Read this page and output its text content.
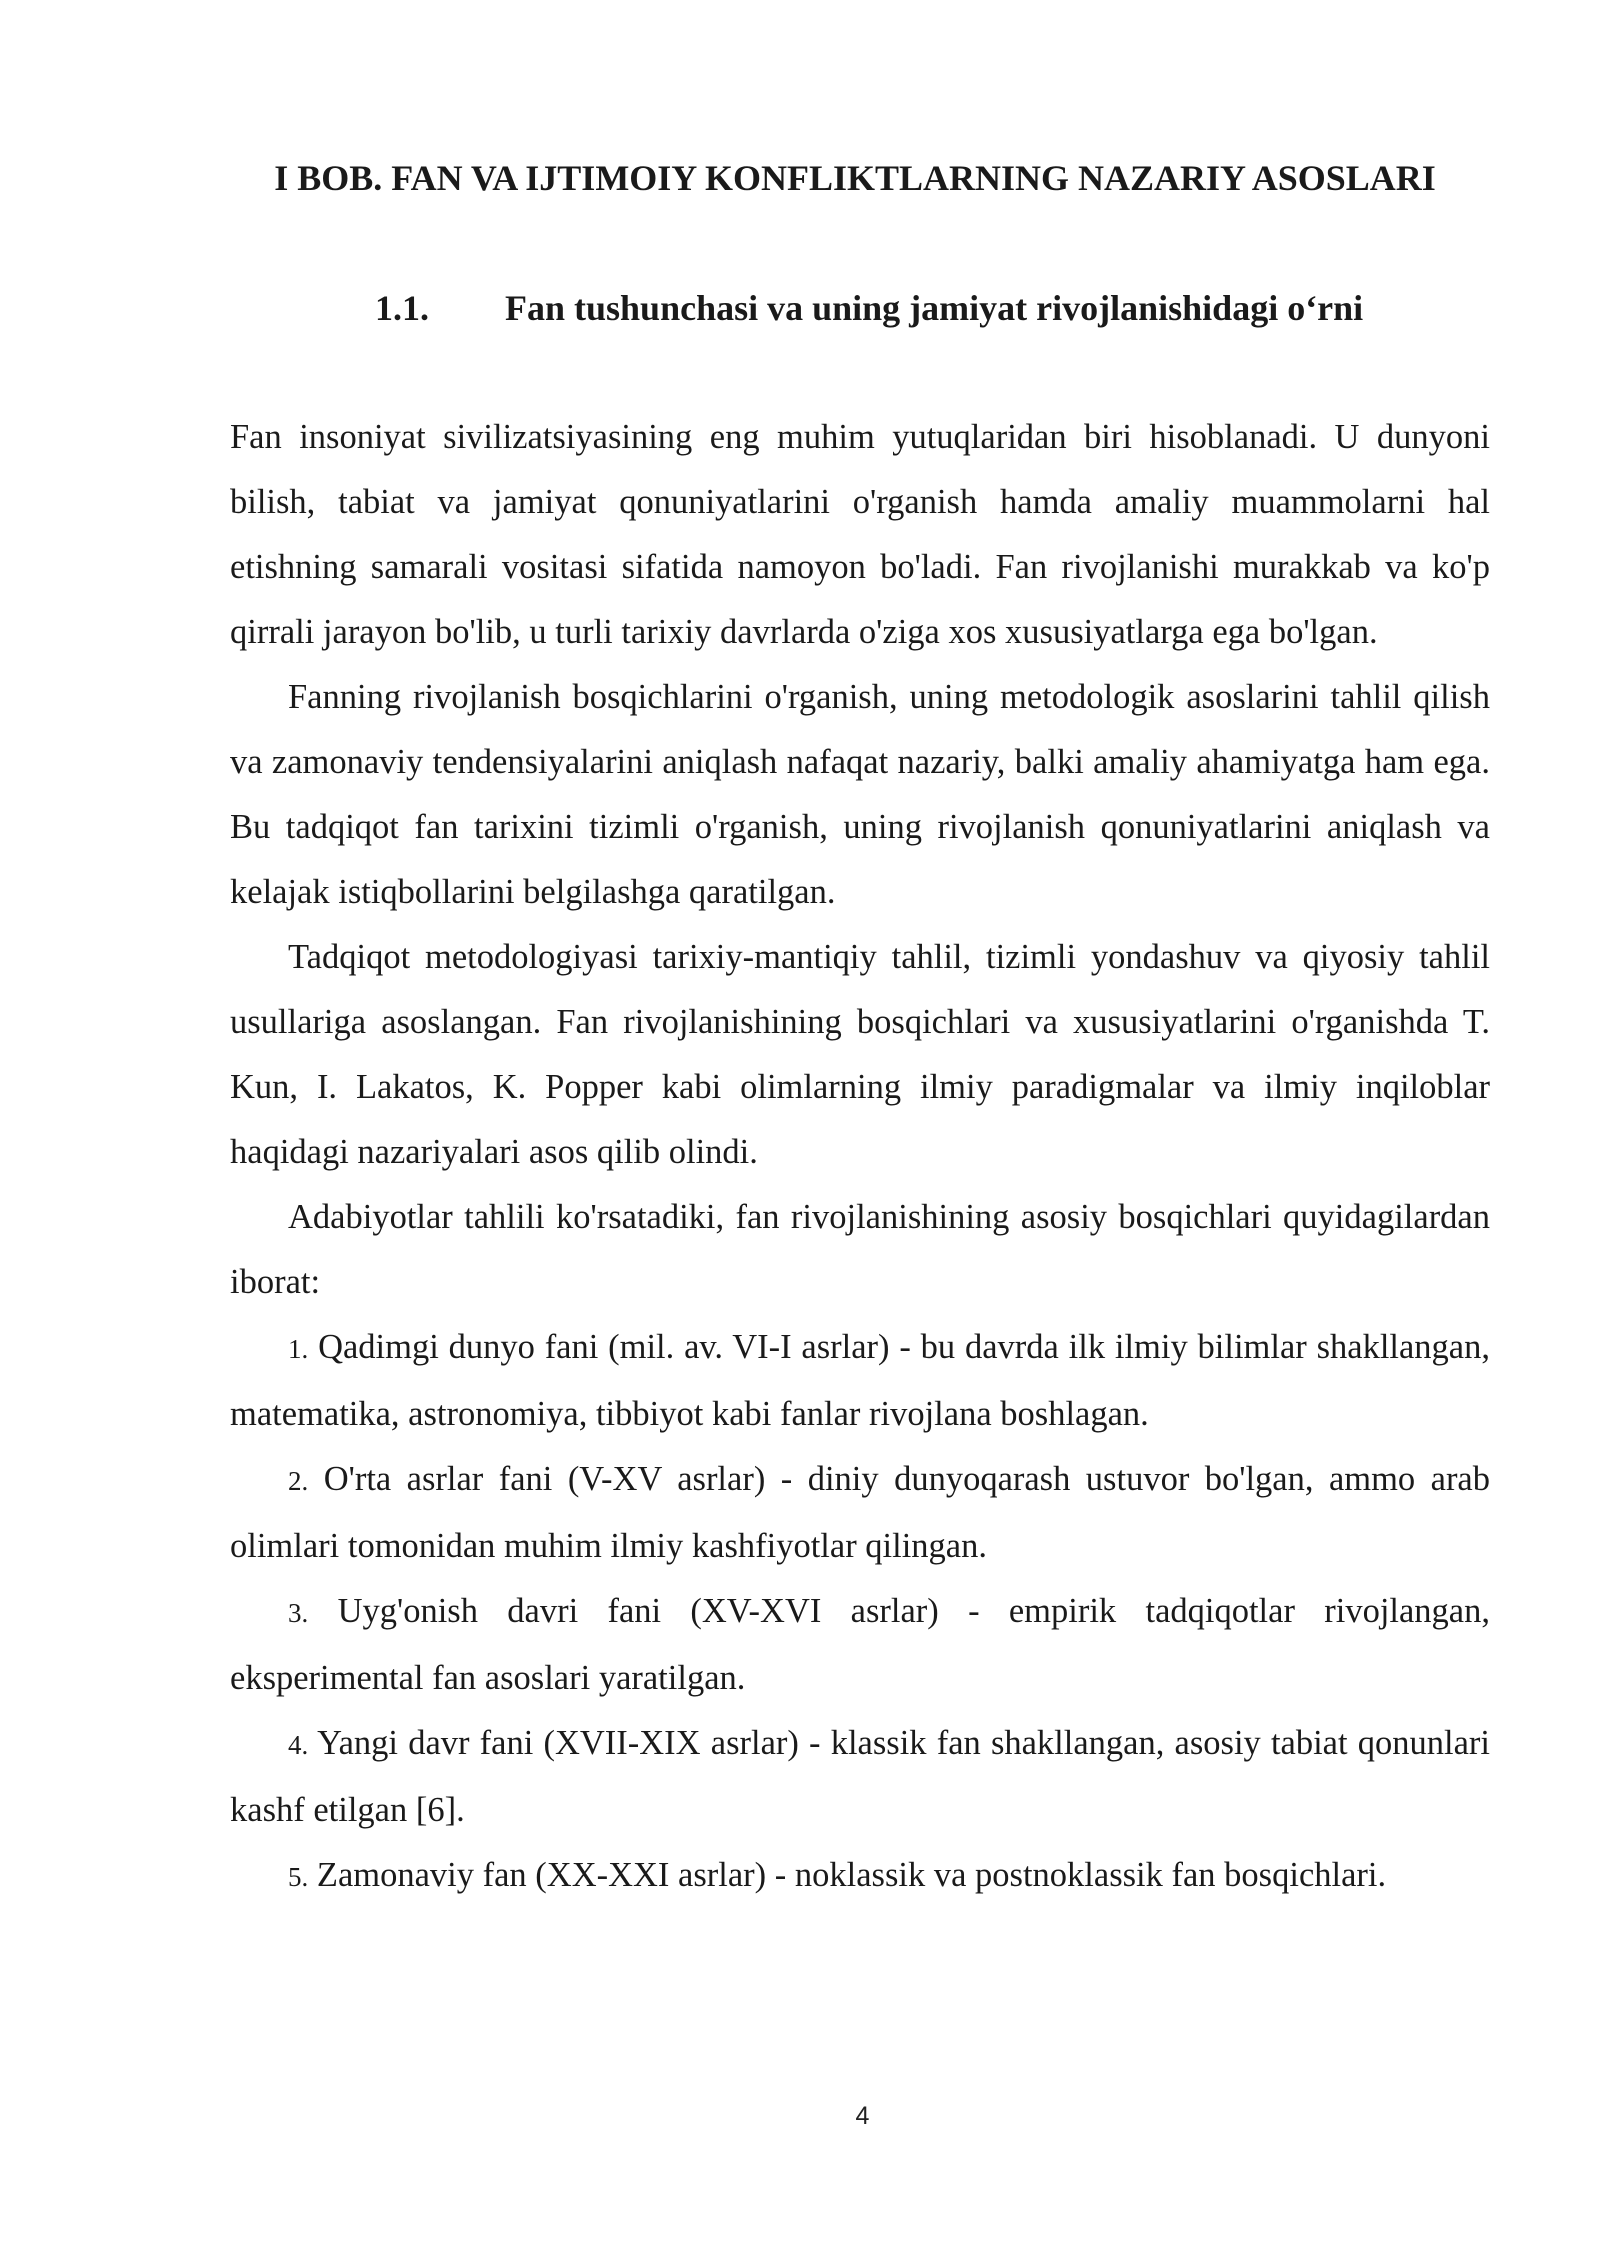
I BOB. FAN VA IJTIMOIY KONFLIKTLARNING NAZARIY ASOSLARI
1.1. Fan tushunchasi va uning jamiyat rivojlanishidagi o‘rni

Fan insoniyat sivilizatsiyasining eng muhim yutuqlaridan biri hisoblanadi. U dunyoni bilish, tabiat va jamiyat qonuniyatlarini o'rganish hamda amaliy muammolarni hal etishning samarali vositasi sifatida namoyon bo'ladi. Fan rivojlanishi murakkab va ko'p qirrali jarayon bo'lib, u turli tarixiy davrlarda o'ziga xos xususiyatlarga ega bo'lgan.

Fanning rivojlanish bosqichlarini o'rganish, uning metodologik asoslarini tahlil qilish va zamonaviy tendensiyalarini aniqlash nafaqat nazariy, balki amaliy ahamiyatga ham ega. Bu tadqiqot fan tarixini tizimli o'rganish, uning rivojlanish qonuniyatlarini aniqlash va kelajak istiqbollarini belgilashga qaratilgan.

Tadqiqot metodologiyasi tarixiy-mantiqiy tahlil, tizimli yondashuv va qiyosiy tahlil usullariga asoslangan. Fan rivojlanishining bosqichlari va xususiyatlarini o'rganishda T. Kun, I. Lakatos, K. Popper kabi olimlarning ilmiy paradigmalar va ilmiy inqiloblar haqidagi nazariyalari asos qilib olindi.

Adabiyotlar tahlili ko'rsatadiki, fan rivojlanishining asosiy bosqichlari quyidagilardan iborat:

1. Qadimgi dunyo fani (mil. av. VI-I asrlar) - bu davrda ilk ilmiy bilimlar shakllangan, matematika, astronomiya, tibbiyot kabi fanlar rivojlana boshlagan.

2. O'rta asrlar fani (V-XV asrlar) - diniy dunyoqarash ustuvor bo'lgan, ammo arab olimlari tomonidan muhim ilmiy kashfiyotlar qilingan.

3. Uyg'onish davri fani (XV-XVI asrlar) - empirik tadqiqotlar rivojlangan, eksperimental fan asoslari yaratilgan.

4. Yangi davr fani (XVII-XIX asrlar) - klassik fan shakllangan, asosiy tabiat qonunlari kashf etilgan [6].

5. Zamonaviy fan (XX-XXI asrlar) - noklassik va postnoklassik fan bosqichlari.

4
